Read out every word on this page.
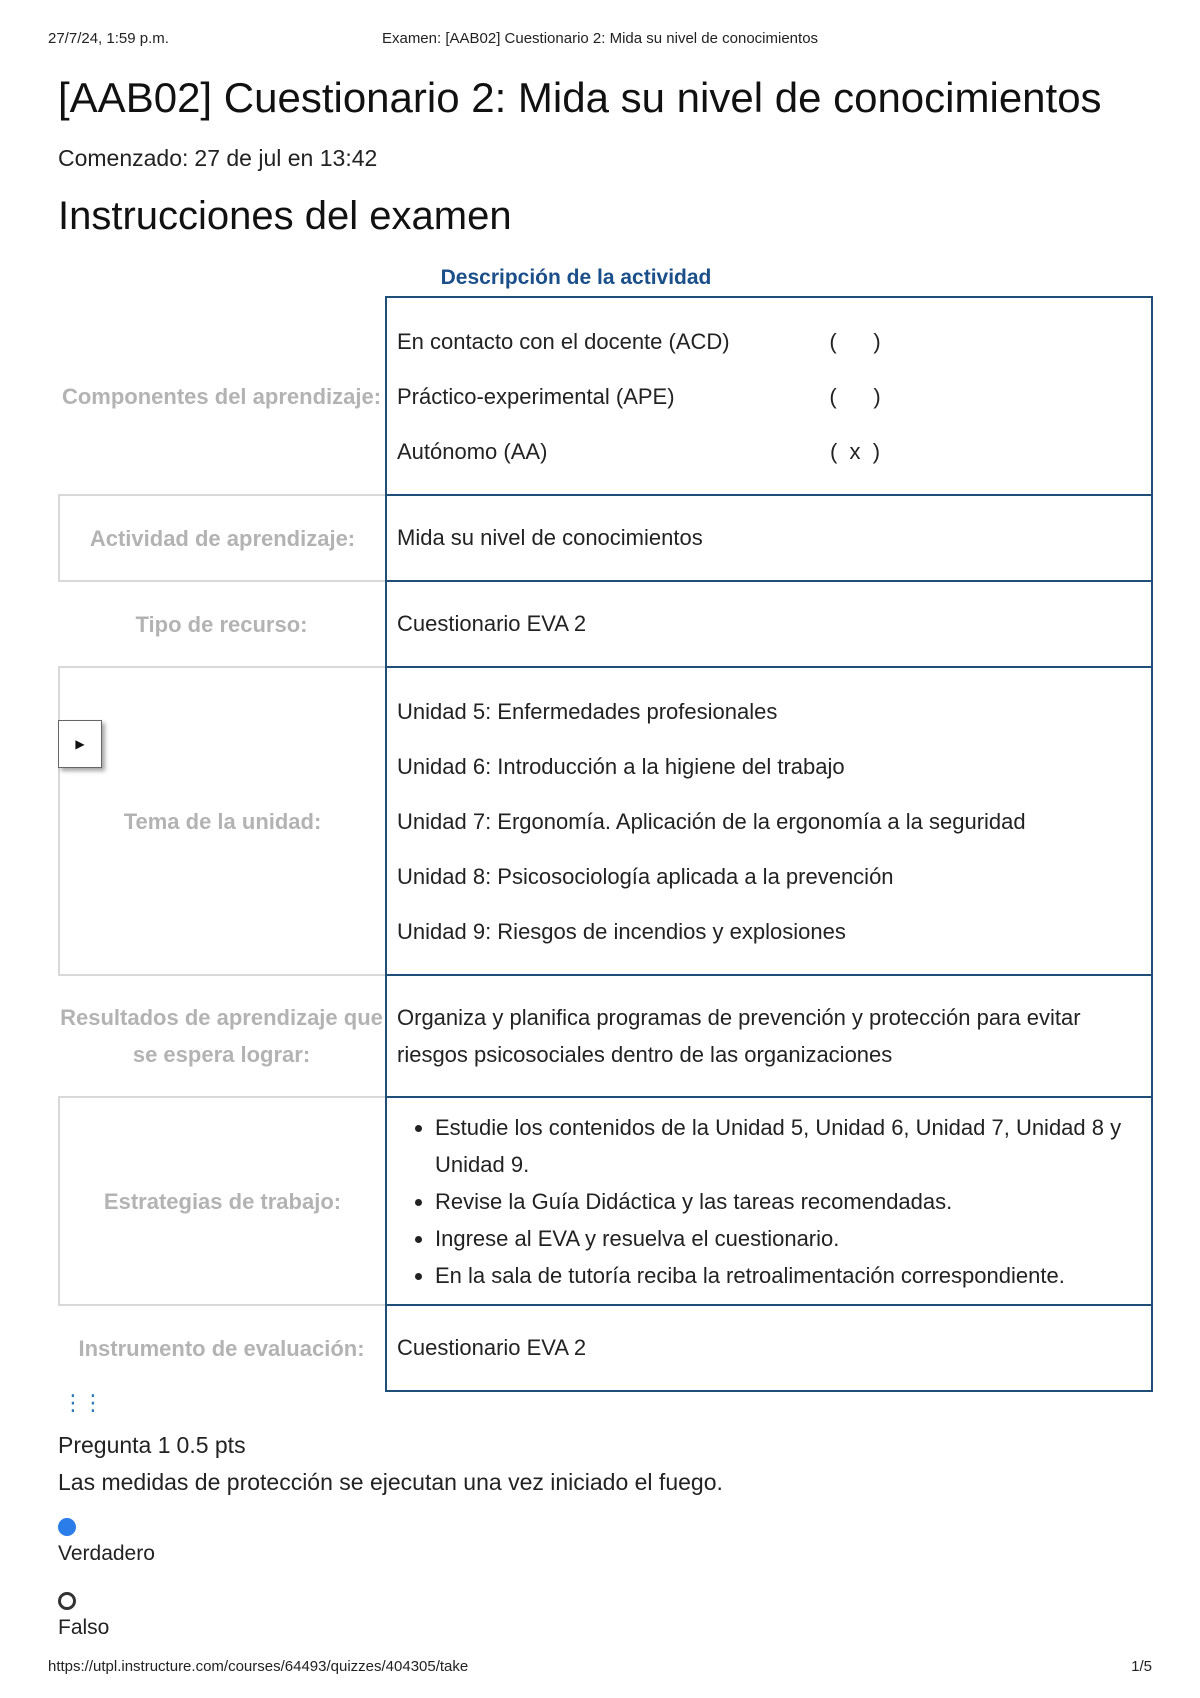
27/7/24, 1:59 p.m.	Examen: [AAB02] Cuestionario 2: Mida su nivel de conocimientos
[AAB02] Cuestionario 2: Mida su nivel de conocimientos
Comenzado: 27 de jul en 13:42
Instrucciones del examen
Descripción de la actividad
Componentes del aprendizaje:
En contacto con el docente (ACD)	(      )
Práctico-experimental (APE)	(      )
Autónomo (AA)	(  x  )
Actividad de aprendizaje:	Mida su nivel de conocimientos
Tipo de recurso:	Cuestionario EVA 2
Tema de la unidad:
Unidad 5: Enfermedades profesionales
Unidad 6: Introducción a la higiene del trabajo
Unidad 7: Ergonomía. Aplicación de la ergonomía a la seguridad
Unidad 8: Psicosociología aplicada a la prevención
Unidad 9: Riesgos de incendios y explosiones
▶
Resultados de aprendizaje que se espera lograr:
Organiza y planifica programas de prevención y protección para evitar riesgos psicosociales dentro de las organizaciones
Estrategias de trabajo:
• Estudie los contenidos de la Unidad 5, Unidad 6, Unidad 7, Unidad 8 y Unidad 9.
• Revise la Guía Didáctica y las tareas recomendadas.
• Ingrese al EVA y resuelva el cuestionario.
• En la sala de tutoría reciba la retroalimentación correspondiente.
Instrumento de evaluación:	Cuestionario EVA 2
⋮⋮
Pregunta 1 0.5 pts
Las medidas de protección se ejecutan una vez iniciado el fuego.
Verdadero
Falso
https://utpl.instructure.com/courses/64493/quizzes/404305/take	1/5
